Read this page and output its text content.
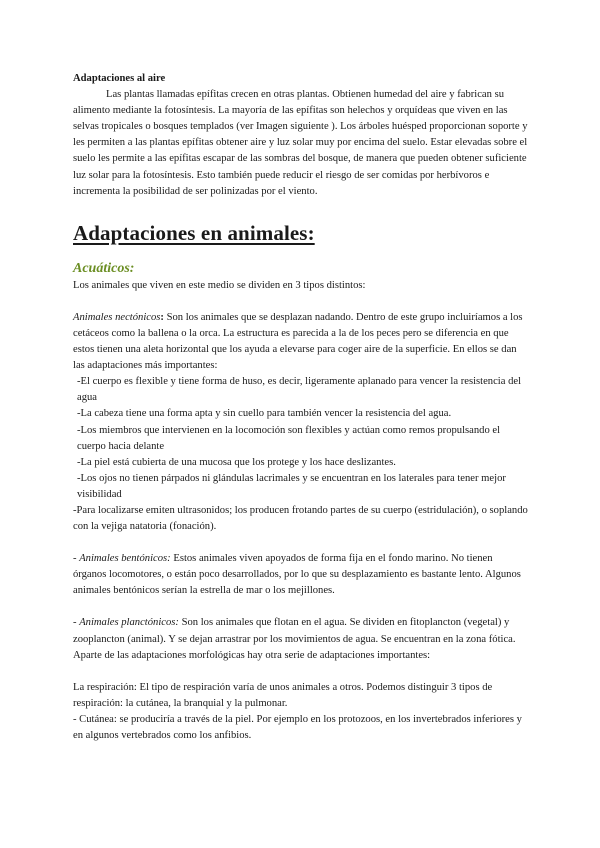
Adaptaciones al aire

Las plantas llamadas epífitas crecen en otras plantas. Obtienen humedad del aire y fabrican su alimento mediante la fotosíntesis. La mayoría de las epífitas son helechos y orquídeas que viven en las selvas tropicales o bosques templados (ver Imagen siguiente ). Los árboles huésped proporcionan soporte y les permiten a las plantas epífitas obtener aire y luz solar muy por encima del suelo. Estar elevadas sobre el suelo les permite a las epífitas escapar de las sombras del bosque, de manera que pueden obtener suficiente luz solar para la fotosíntesis. Esto también puede reducir el riesgo de ser comidas por herbívoros e incrementa la posibilidad de ser polinizadas por el viento.

Adaptaciones en animales:

Acuáticos:

Los animales que viven en este medio se dividen en 3 tipos distintos:

Animales nectónicos: Son los animales que se desplazan nadando. Dentro de este grupo incluiríamos a los cetáceos como la ballena o la orca. La estructura es parecida a la de los peces pero se diferencia en que estos tienen una aleta horizontal que los ayuda a elevarse para coger aire de la superficie. En ellos se dan las adaptaciones más importantes:

-El cuerpo es flexible y tiene forma de huso, es decir, ligeramente aplanado para vencer la resistencia del agua

-La cabeza tiene una forma apta y sin cuello para también vencer la resistencia del agua.

-Los miembros que intervienen en la locomoción son flexibles y actúan como remos propulsando el cuerpo hacia delante

-La piel está cubierta de una mucosa que los protege y los hace deslizantes.

-Los ojos no tienen párpados ni glándulas lacrimales y se encuentran en los laterales para tener mejor visibilidad

-Para localizarse emiten ultrasonidos; los producen frotando partes de su cuerpo (estridulación), o soplando con la vejiga natatoria (fonación).

- Animales bentónicos: Estos animales viven apoyados de forma fija en el fondo marino. No tienen órganos locomotores, o están poco desarrollados, por lo que su desplazamiento es bastante lento. Algunos animales bentónicos serían la estrella de mar o los mejillones.

- Animales planctónicos: Son los animales que flotan en el agua. Se dividen en fitoplancton (vegetal) y zooplancton (animal). Y se dejan arrastrar por los movimientos de agua. Se encuentran en la zona fótica.

Aparte de las adaptaciones morfológicas hay otra serie de adaptaciones importantes:

La respiración: El tipo de respiración varía de unos animales a otros. Podemos distinguir 3 tipos de respiración: la cutánea, la branquial y la pulmonar.

- Cutánea: se produciría a través de la piel. Por ejemplo en los protozoos, en los invertebrados inferiores y en algunos vertebrados como los anfibios.
